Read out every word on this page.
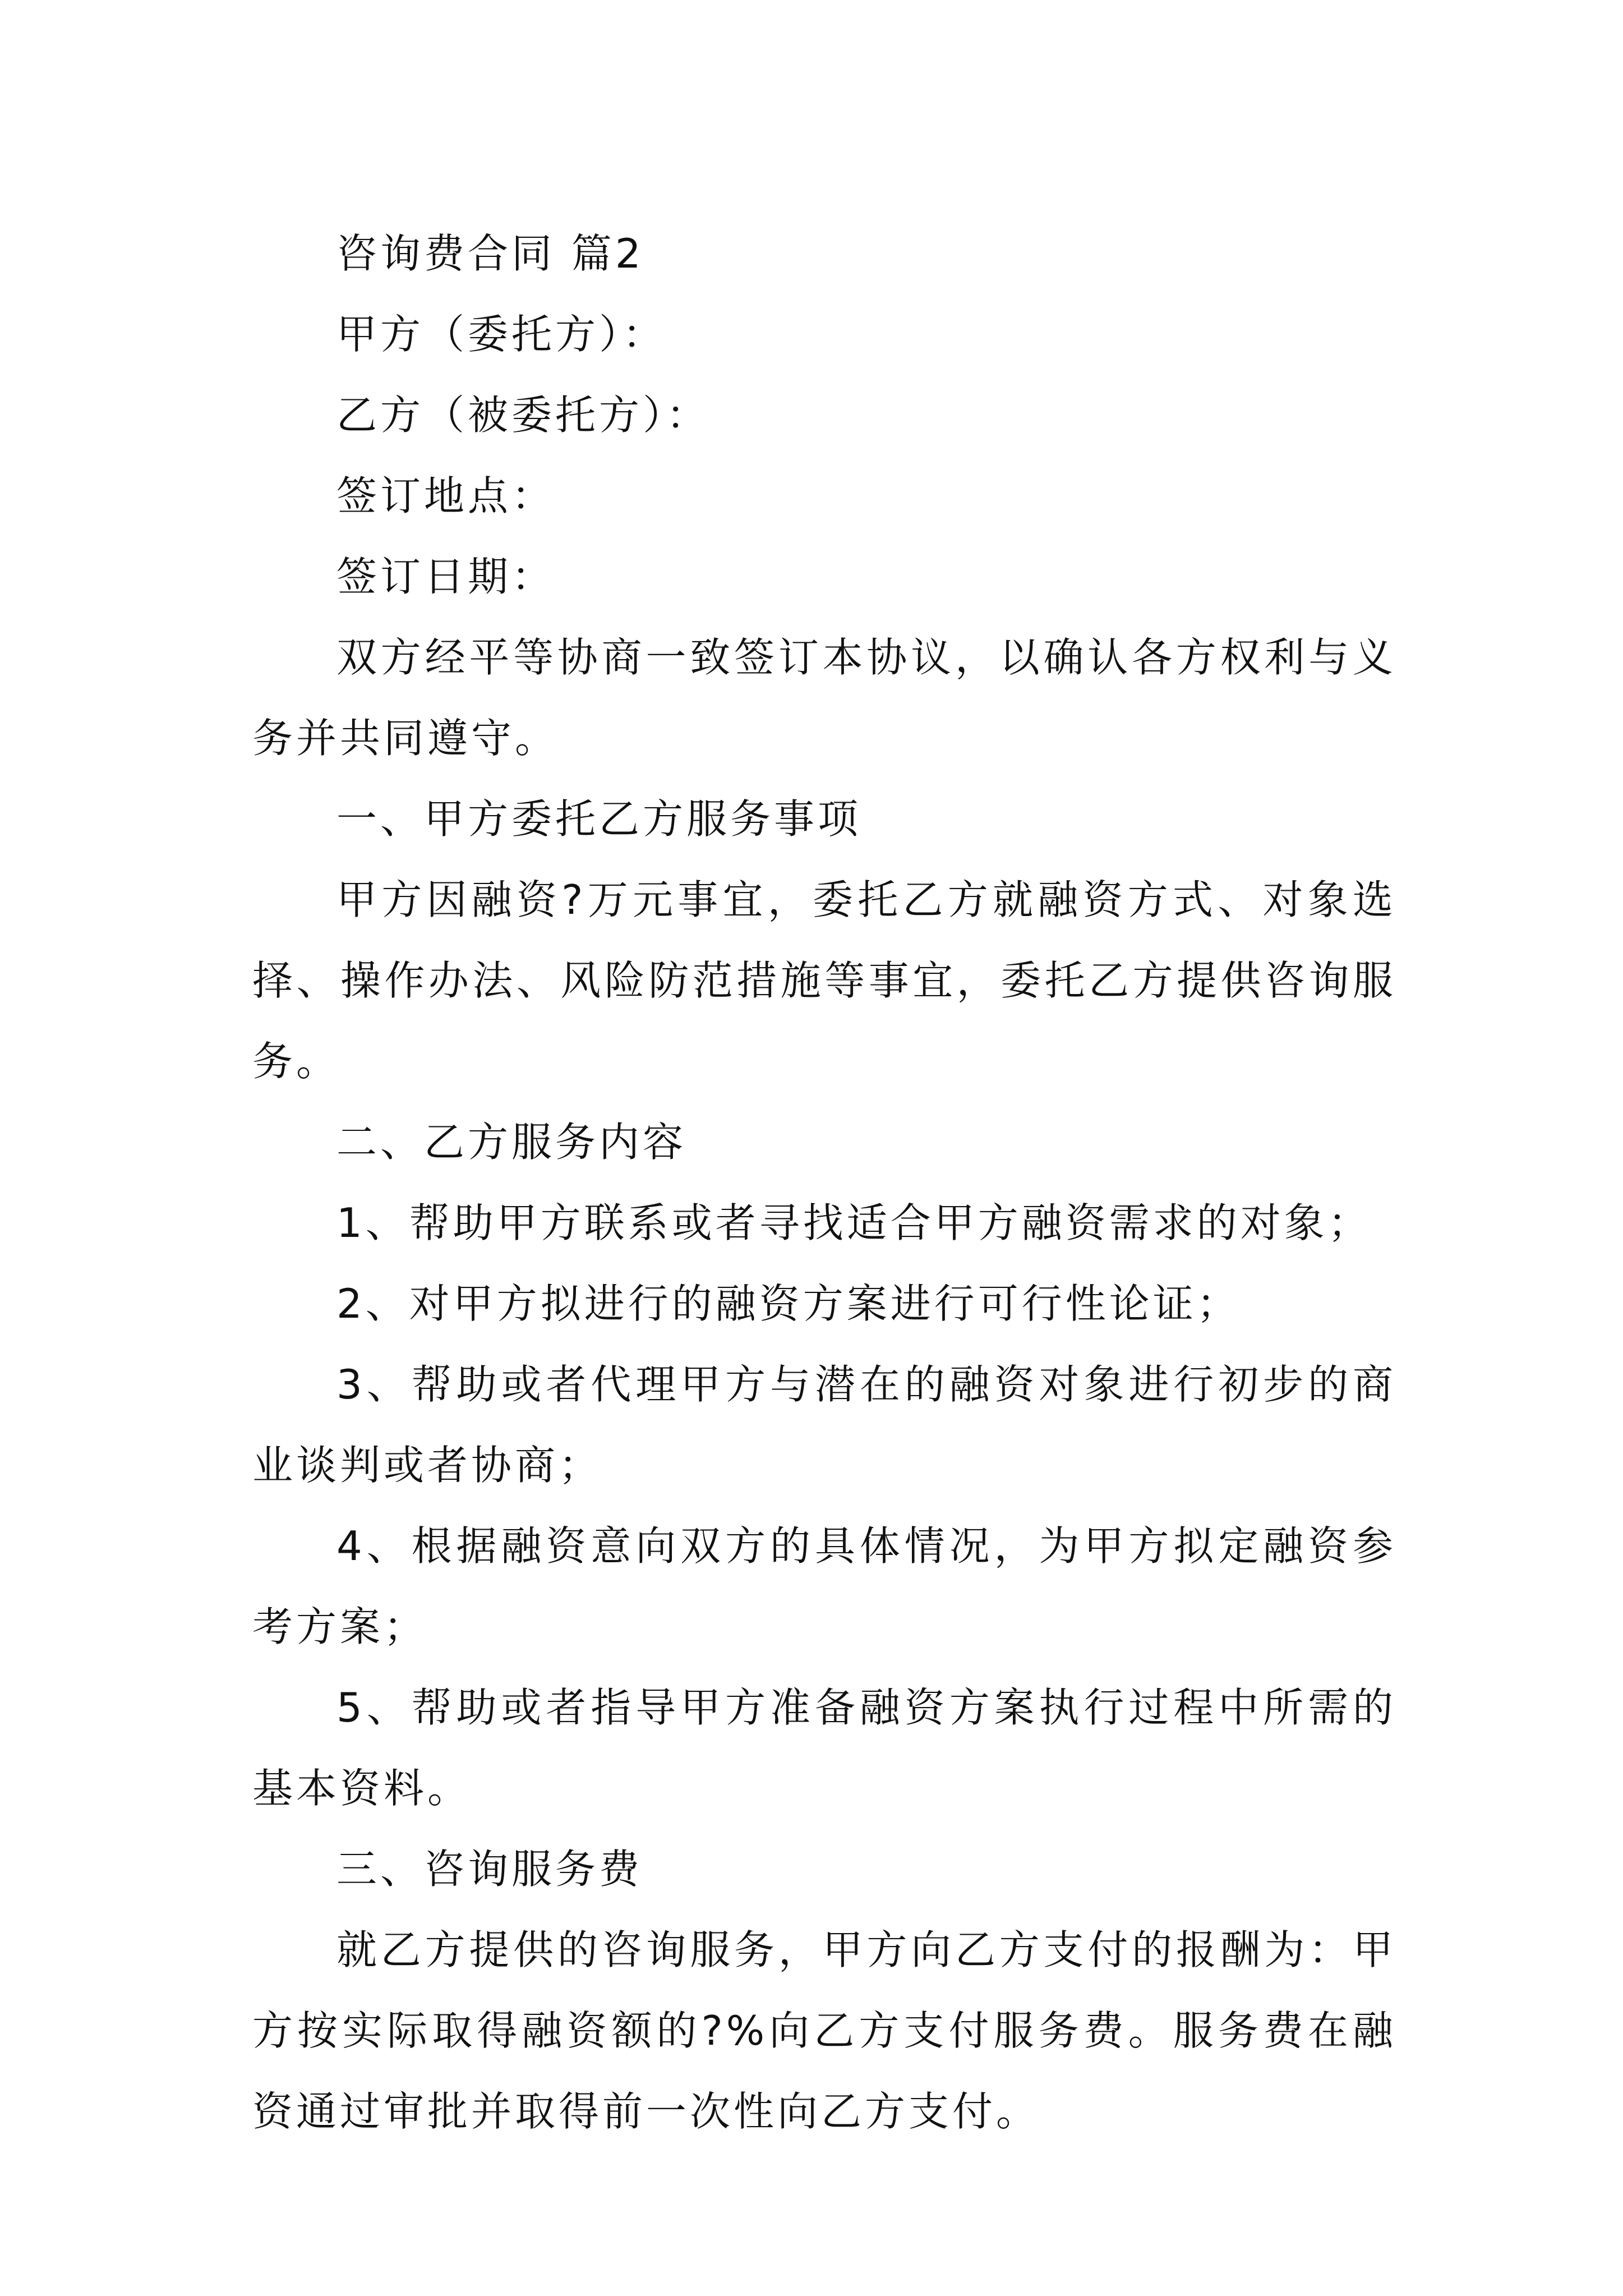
咨询费合同 篇2

甲方（委托方）：

乙方（被委托方）：

签订地点：

签订日期：

双方经平等协商一致签订本协议，以确认各方权利与义务并共同遵守。

一、甲方委托乙方服务事项

甲方因融资?万元事宜，委托乙方就融资方式、对象选择、操作办法、风险防范措施等事宜，委托乙方提供咨询服务。

二、乙方服务内容

1、帮助甲方联系或者寻找适合甲方融资需求的对象；

2、对甲方拟进行的融资方案进行可行性论证；

3、帮助或者代理甲方与潜在的融资对象进行初步的商业谈判或者协商；

4、根据融资意向双方的具体情况，为甲方拟定融资参考方案；

5、帮助或者指导甲方准备融资方案执行过程中所需的基本资料。

三、咨询服务费

就乙方提供的咨询服务，甲方向乙方支付的报酬为：甲方按实际取得融资额的?%向乙方支付服务费。服务费在融资通过审批并取得前一次性向乙方支付。
